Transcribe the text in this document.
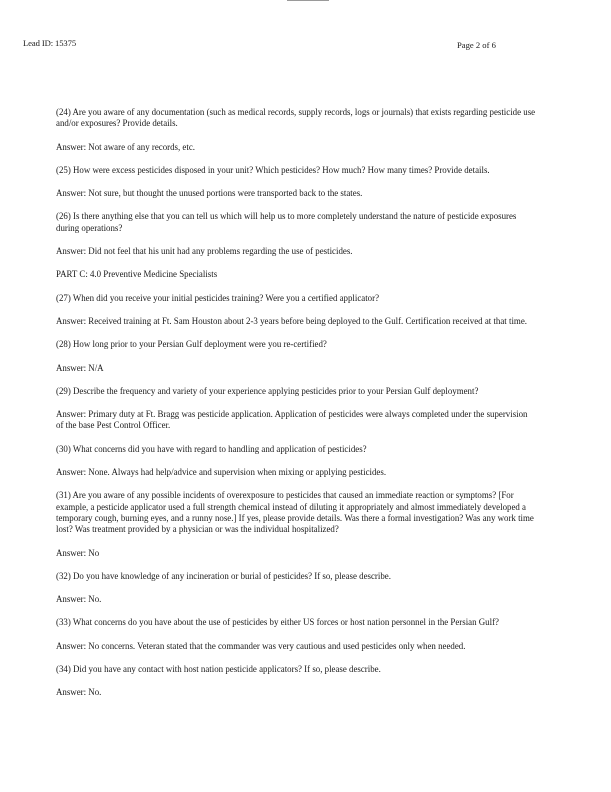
Lead ID: 15375	Page 2 of 6

(24) Are you aware of any documentation (such as medical records, supply records, logs or journals) that exists regarding pesticide use and/or exposures? Provide details.

Answer: Not aware of any records, etc.

(25) How were excess pesticides disposed in your unit? Which pesticides? How much? How many times? Provide details.

Answer: Not sure, but thought the unused portions were transported back to the states.

(26) Is there anything else that you can tell us which will help us to more completely understand the nature of pesticide exposures during operations?

Answer: Did not feel that his unit had any problems regarding the use of pesticides.

PART C: 4.0 Preventive Medicine Specialists

(27) When did you receive your initial pesticides training? Were you a certified applicator?

Answer: Received training at Ft. Sam Houston about 2-3 years before being deployed to the Gulf. Certification received at that time.

(28) How long prior to your Persian Gulf deployment were you re-certified?

Answer: N/A

(29) Describe the frequency and variety of your experience applying pesticides prior to your Persian Gulf deployment?

Answer: Primary duty at Ft. Bragg was pesticide application. Application of pesticides were always completed under the supervision of the base Pest Control Officer.

(30) What concerns did you have with regard to handling and application of pesticides?

Answer: None. Always had help/advice and supervision when mixing or applying pesticides.

(31) Are you aware of any possible incidents of overexposure to pesticides that caused an immediate reaction or symptoms? [For example, a pesticide applicator used a full strength chemical instead of diluting it appropriately and almost immediately developed a temporary cough, burning eyes, and a runny nose.] If yes, please provide details. Was there a formal investigation? Was any work time lost? Was treatment provided by a physician or was the individual hospitalized?

Answer: No

(32) Do you have knowledge of any incineration or burial of pesticides? If so, please describe.

Answer: No.

(33) What concerns do you have about the use of pesticides by either US forces or host nation personnel in the Persian Gulf?

Answer: No concerns. Veteran stated that the commander was very cautious and used pesticides only when needed.

(34) Did you have any contact with host nation pesticide applicators? If so, please describe.

Answer: No.
